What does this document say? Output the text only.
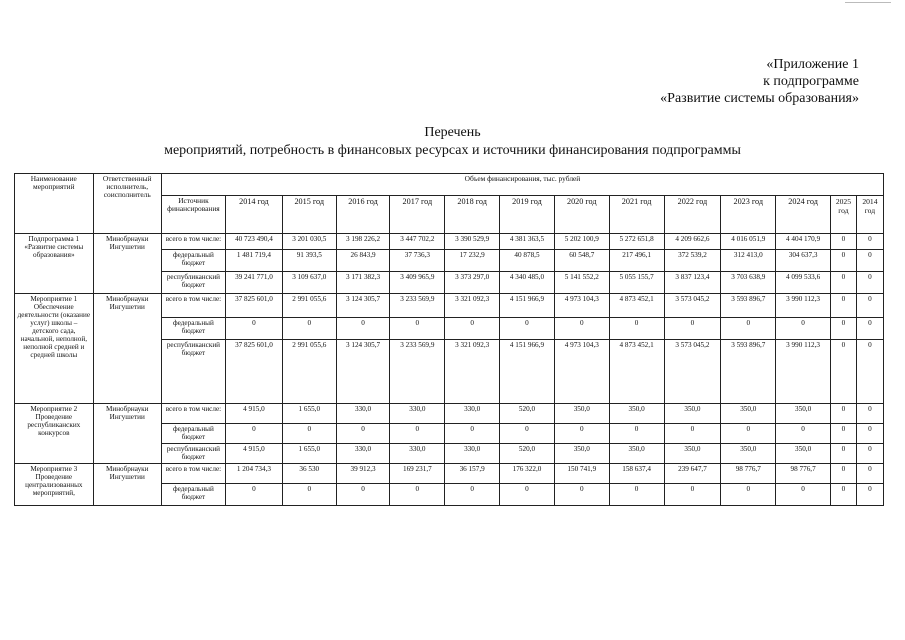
«Приложение 1
к подпрограмме
«Развитие системы образования»
Перечень
мероприятий, потребность в финансовых ресурсах и источники финансирования подпрограммы
Наименование мероприятий	Ответственный исполнитель, соисполнитель	Объем финансирования, тыс. рублей													
		Источник финансирования	2014 год	2015 год	2016 год	2017 год	2018 год	2019 год	2020 год	2021 год	2022 год	2023 год	2024 год	2025 год	2014 год
Подпрограмма 1 «Развитие системы образования»	Минобрнауки Ингушетии	всего в том числе:	40 723 490,4	3 201 030,5	3 198 226,2	3 447 702,2	3 390 529,9	4 381 363,5	5 202 100,9	5 272 651,8	4 209 662,6	4 016 051,9	4 404 170,9	0	0
		федеральный бюджет	1 481 719,4	91 393,5	26 843,9	37 736,3	17 232,9	40 878,5	60 548,7	217 496,1	372 539,2	312 413,0	304 637,3	0	0
		республиканский бюджет	39 241 771,0	3 109 637,0	3 171 382,3	3 409 965,9	3 373 297,0	4 340 485,0	5 141 552,2	5 055 155,7	3 837 123,4	3 703 638,9	4 099 533,6	0	0
Мероприятие 1 Обеспечение деятельности (оказание услуг) школы – детского сада, начальной, неполной, неполной средней и средней школы	Минобрнауки Ингушетии	всего в том числе:	37 825 601,0	2 991 055,6	3 124 305,7	3 233 569,9	3 321 092,3	4 151 966,9	4 973 104,3	4 873 452,1	3 573 045,2	3 593 896,7	3 990 112,3	0	0
		федеральный бюджет	0	0	0	0	0	0	0	0	0	0	0	0	0
		республиканский бюджет	37 825 601,0	2 991 055,6	3 124 305,7	3 233 569,9	3 321 092,3	4 151 966,9	4 973 104,3	4 873 452,1	3 573 045,2	3 593 896,7	3 990 112,3	0	0
Мероприятие 2 Проведение республиканских конкурсов	Минобрнауки Ингушетии	всего в том числе:	4 915,0	1 655,0	330,0	330,0	330,0	520,0	350,0	350,0	350,0	350,0	350,0	0	0
		федеральный бюджет	0	0	0	0	0	0	0	0	0	0	0	0	0
		республиканский бюджет	4 915,0	1 655,0	330,0	330,0	330,0	520,0	350,0	350,0	350,0	350,0	350,0	0	0
Мероприятие 3 Проведение централизованных мероприятий,	Минобрнауки Ингушетии	всего в том числе:	1 204 734,3	36 530	39 912,3	169 231,7	36 157,9	176 322,0	150 741,9	158 637,4	239 647,7	98 776,7	98 776,7	0	0
		федеральный бюджет	0	0	0	0	0	0	0	0	0	0	0	0	0
